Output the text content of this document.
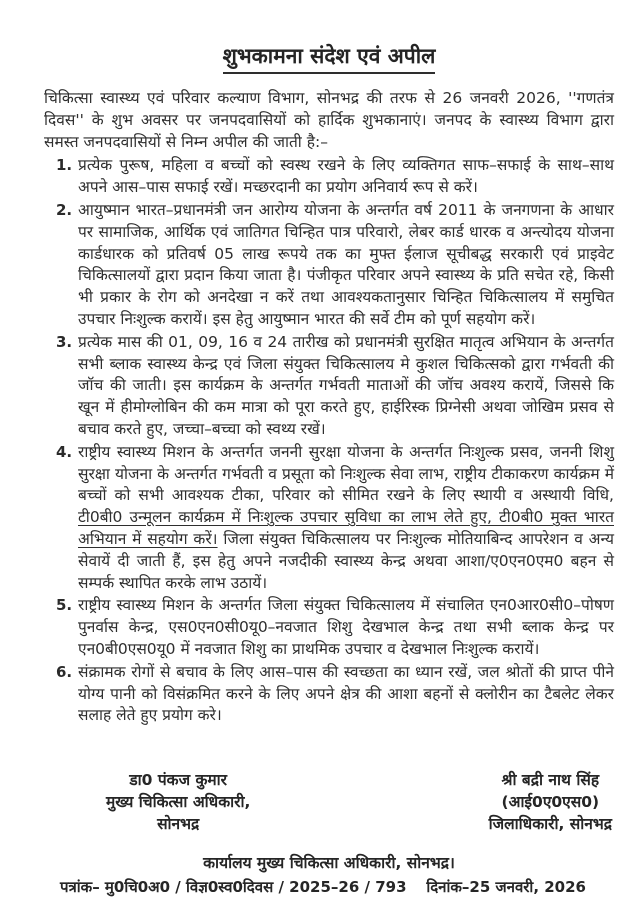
शुभकामना संदेश एवं अपील

चिकित्सा स्वास्थ्य एवं परिवार कल्याण विभाग, सोनभद्र की तरफ से 26 जनवरी 2026, ''गणतंत्र दिवस'' के शुभ अवसर पर जनपदवासियों को हार्दिक शुभकानाएं। जनपद के स्वास्थ्य विभाग द्वारा समस्त जनपदवासियों से निम्न अपील की जाती है:–

1. प्रत्येक पुरूष, महिला व बच्चों को स्वस्थ रखने के लिए व्यक्तिगत साफ–सफाई के साथ–साथ अपने आस–पास सफाई रखें। मच्छरदानी का प्रयोग अनिवार्य रूप से करें।
2. आयुष्मान भारत–प्रधानमंत्री जन आरोग्य योजना के अन्तर्गत वर्ष 2011 के जनगणना के आधार पर सामाजिक, आर्थिक एवं जातिगत चिन्हित पात्र परिवारो, लेबर कार्ड धारक व अन्त्योदय योजना कार्डधारक को प्रतिवर्ष 05 लाख रूपये तक का मुफ्त ईलाज सूचीबद्ध सरकारी एवं प्राइवेट चिकित्सालयों द्वारा प्रदान किया जाता है। पंजीकृत परिवार अपने स्वास्थ्य के प्रति सचेत रहे, किसी भी प्रकार के रोग को अनदेखा न करें तथा आवश्यकतानुसार चिन्हित चिकित्सालय में समुचित उपचार निःशुल्क करायें। इस हेतु आयुष्मान भारत की सर्वे टीम को पूर्ण सहयोग करें।
3. प्रत्येक मास की 01, 09, 16 व 24 तारीख को प्रधानमंत्री सुरक्षित मातृत्व अभियान के अन्तर्गत सभी ब्लाक स्वास्थ्य केन्द्र एवं जिला संयुक्त चिकित्सालय मे कुशल चिकित्सको द्वारा गर्भवती की जॉच की जाती। इस कार्यक्रम के अन्तर्गत गर्भवती माताओं की जॉच अवश्य करायें, जिससे कि खून में हीमोग्लोबिन की कम मात्रा को पूरा करते हुए, हाईरिस्क प्रिग्नेसी अथवा जोखिम प्रसव से बचाव करते हुए, जच्चा–बच्चा को स्वथ्य रखें।
4. राष्ट्रीय स्वास्थ्य मिशन के अन्तर्गत जननी सुरक्षा योजना के अन्तर्गत निःशुल्क प्रसव, जननी शिशु सुरक्षा योजना के अन्तर्गत गर्भवती व प्रसूता को निःशुल्क सेवा लाभ, राष्ट्रीय टीकाकरण कार्यक्रम में बच्चों को सभी आवश्यक टीका, परिवार को सीमित रखने के लिए स्थायी व अस्थायी विधि, टी0बी0 उन्मूलन कार्यक्रम में निःशुल्क उपचार सुविधा का लाभ लेते हुए, टी0बी0 मुक्त भारत अभियान में सहयोग करें। जिला संयुक्त चिकित्सालय पर निःशुल्क मोतियाबिन्द आपरेशन व अन्य सेवायें दी जाती हैं, इस हेतु अपने नजदीकी स्वास्थ्य केन्द्र अथवा आशा/ए0एन0एम0 बहन से सम्पर्क स्थापित करके लाभ उठायें।
5. राष्ट्रीय स्वास्थ्य मिशन के अन्तर्गत जिला संयुक्त चिकित्सालय में संचालित एन0आर0सी0–पोषण पुनर्वास केन्द्र, एस0एन0सी0यू0–नवजात शिशु देखभाल केन्द्र तथा सभी ब्लाक केन्द्र पर एन0बी0एस0यू0 में नवजात शिशु का प्राथमिक उपचार व देखभाल निःशुल्क करायें।
6. संक्रामक रोगों से बचाव के लिए आस–पास की स्वच्छता का ध्यान रखें, जल श्रोतों की प्राप्त पीने योग्य पानी को विसंक्रमित करने के लिए अपने क्षेत्र की आशा बहनों से क्लोरीन का टैबलेट लेकर सलाह लेते हुए प्रयोग करे।
डा0 पंकज कुमार
मुख्य चिकित्सा अधिकारी,
सोनभद्र
श्री बद्री नाथ सिंह
(आई0ए0एस0)
जिलाधिकारी, सोनभद्र
कार्यालय मुख्य चिकित्सा अधिकारी, सोनभद्र।
पत्रांक– मु0चि0अ0 / विज्ञ0स्व0दिवस / 2025–26 / 793 दिनांक–25 जनवरी, 2026
